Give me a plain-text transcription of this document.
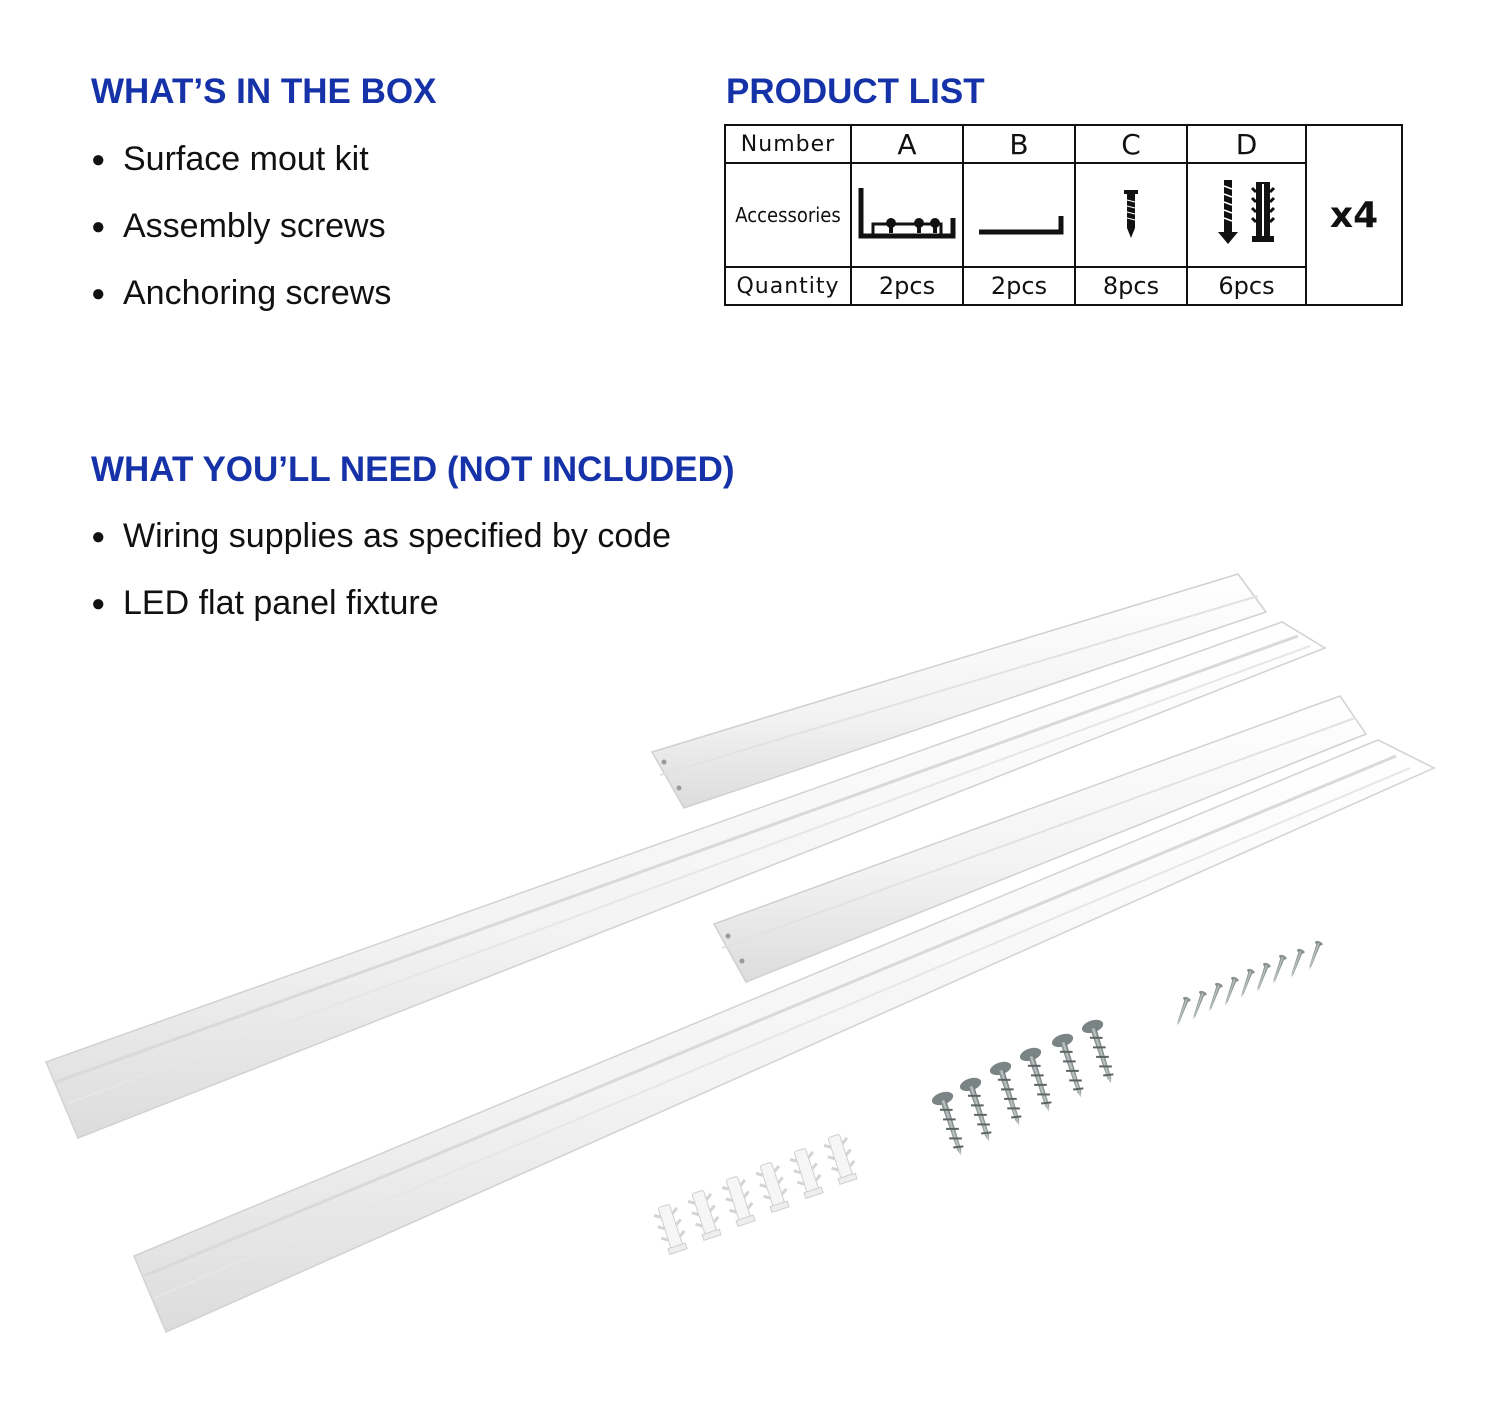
WHAT’S IN THE BOX
● Surface mout kit
● Assembly screws
● Anchoring screws
PRODUCT LIST
Number	A	B	C	D	x4
Accessories				
Quantity	2pcs	2pcs	8pcs	6pcs	
WHAT YOU’LL NEED (NOT INCLUDED)
● Wiring supplies as specified by code
● LED flat panel fixture
